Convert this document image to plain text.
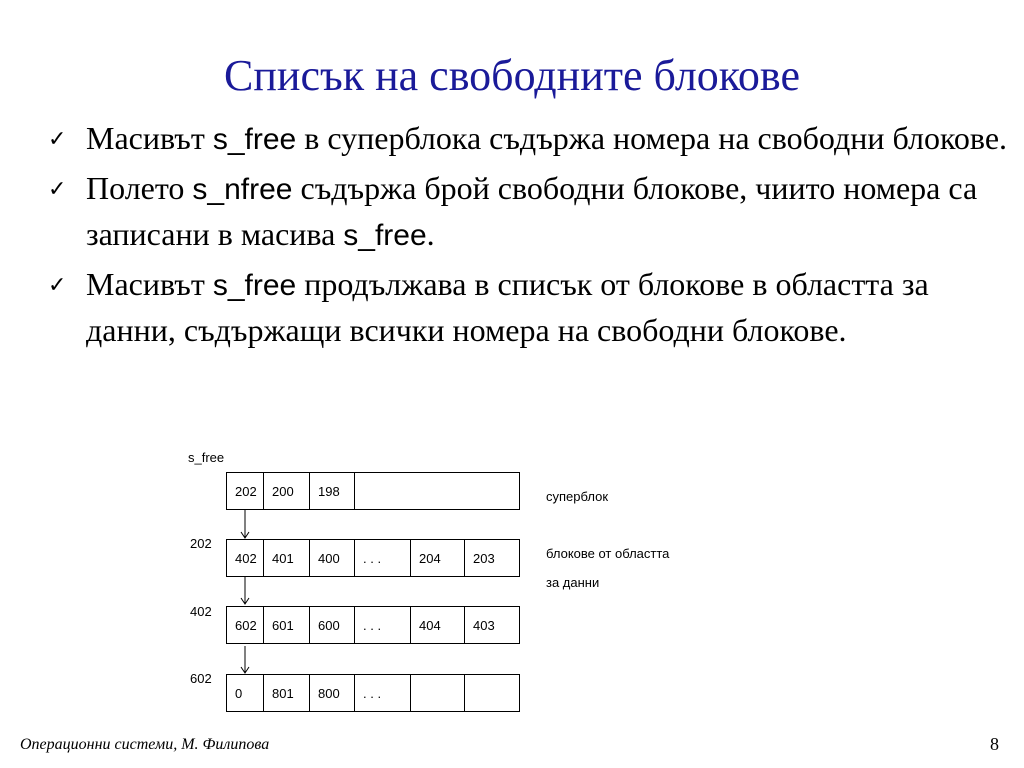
Списък на свободните блокове
✓ Масивът s_free в суперблока съдържа номера на свободни блокове.
✓ Полето s_nfree съдържа брой свободни блокове, чиито номера са записани в масива s_free.
✓ Масивът s_free продължава в списък от блокове в областта за данни, съдържащи всички номера на свободни блокове.
s_free
суперблок
блокове от областта
за данни
202
402
602
202	200	198
402	401	400	. . .	204	203
602	601	600	. . .	404	403
0	801	800	. . .
Операционни системи, М. Филипова	8
